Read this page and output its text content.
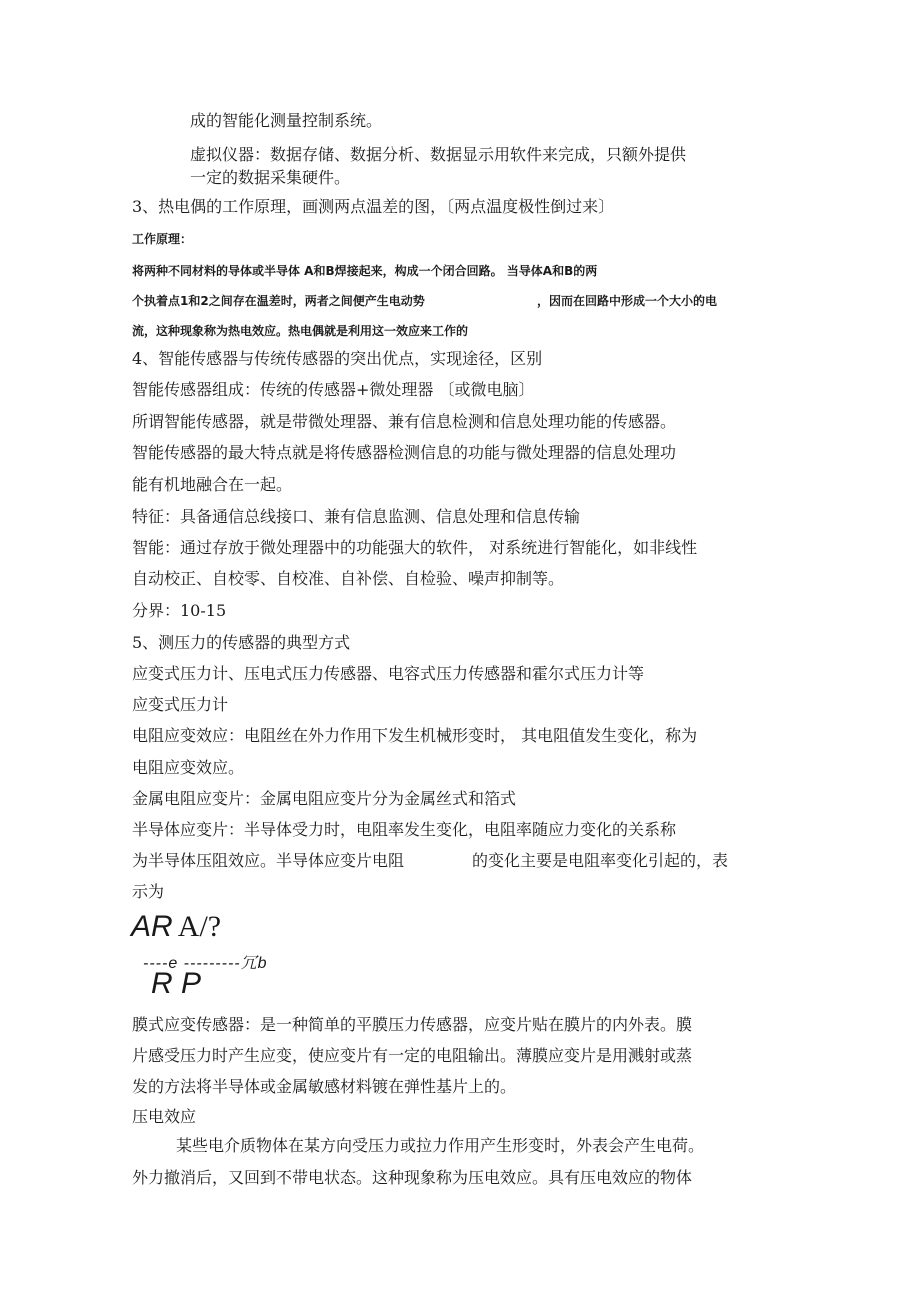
成的智能化测量控制系统。
虚拟仪器：数据存储、数据分析、数据显示用软件来完成，只额外提供
一定的数据采集硬件。
3、热电偶的工作原理，画测两点温差的图，〔两点温度极性倒过来〕
工作原理：
将两种不同材料的导体或半导体 A和B焊接起来，构成一个闭合回路。 当导体A和B的两
个执着点1和2之间存在温差时，两者之间便产生电动势	，因而在回路中形成一个大小的电
流，这种现象称为热电效应。热电偶就是利用这一效应来工作的
4、智能传感器与传统传感器的突出优点，实现途径，区别
智能传感器组成：传统的传感器+微处理器 〔或微电脑〕
所谓智能传感器，就是带微处理器、兼有信息检测和信息处理功能的传感器。
智能传感器的最大特点就是将传感器检测信息的功能与微处理器的信息处理功
能有机地融合在一起。
特征：具备通信总线接口、兼有信息监测、信息处理和信息传输
智能：通过存放于微处理器中的功能强大的软件， 对系统进行智能化，如非线性
自动校正、自校零、自校准、自补偿、自检验、噪声抑制等。
分界：10-15
5、测压力的传感器的典型方式
应变式压力计、压电式压力传感器、电容式压力传感器和霍尔式压力计等
应变式压力计
电阻应变效应：电阻丝在外力作用下发生机械形变时， 其电阻值发生变化，称为
电阻应变效应。
金属电阻应变片：金属电阻应变片分为金属丝式和箔式
半导体应变片：半导体受力时，电阻率发生变化，电阻率随应力变化的关系称
为半导体压阻效应。半导体应变片电阻	的变化主要是电阻率变化引起的，表
示为
AR A/?
----e ---------冗b
R P
膜式应变传感器：是一种简单的平膜压力传感器，应变片贴在膜片的内外表。膜
片感受压力时产生应变，使应变片有一定的电阻输出。薄膜应变片是用溅射或蒸
发的方法将半导体或金属敏感材料镀在弹性基片上的。
压电效应
某些电介质物体在某方向受压力或拉力作用产生形变时，外表会产生电荷。
外力撤消后，又回到不带电状态。这种现象称为压电效应。具有压电效应的物体
